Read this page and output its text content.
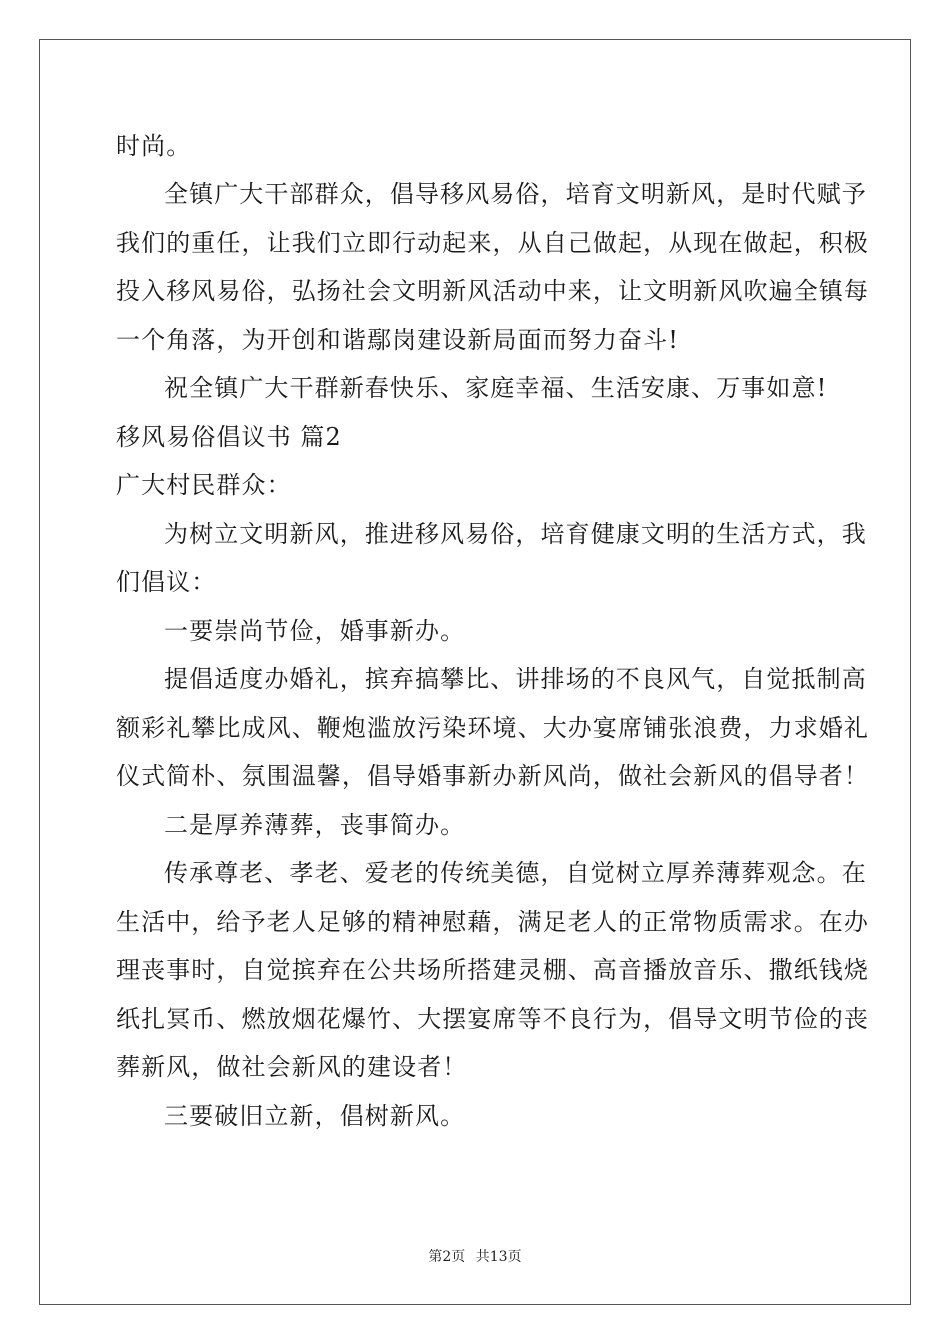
时尚。
全镇广大干部群众，倡导移风易俗，培育文明新风，是时代赋予
我们的重任，让我们立即行动起来，从自己做起，从现在做起，积极
投入移风易俗，弘扬社会文明新风活动中来，让文明新风吹遍全镇每
一个角落，为开创和谐鄢岗建设新局面而努力奋斗!
祝全镇广大干群新春快乐、家庭幸福、生活安康、万事如意!
移风易俗倡议书 篇2
广大村民群众：
为树立文明新风，推进移风易俗，培育健康文明的生活方式，我
们倡议：
一要崇尚节俭，婚事新办。
提倡适度办婚礼，摈弃搞攀比、讲排场的不良风气，自觉抵制高
额彩礼攀比成风、鞭炮滥放污染环境、大办宴席铺张浪费，力求婚礼
仪式简朴、氛围温馨，倡导婚事新办新风尚，做社会新风的倡导者！
二是厚养薄葬，丧事简办。
传承尊老、孝老、爱老的传统美德，自觉树立厚养薄葬观念。在
生活中，给予老人足够的精神慰藉，满足老人的正常物质需求。在办
理丧事时，自觉摈弃在公共场所搭建灵棚、高音播放音乐、撒纸钱烧
纸扎冥币、燃放烟花爆竹、大摆宴席等不良行为，倡导文明节俭的丧
葬新风，做社会新风的建设者！
三要破旧立新，倡树新风。
第2页 共13页
